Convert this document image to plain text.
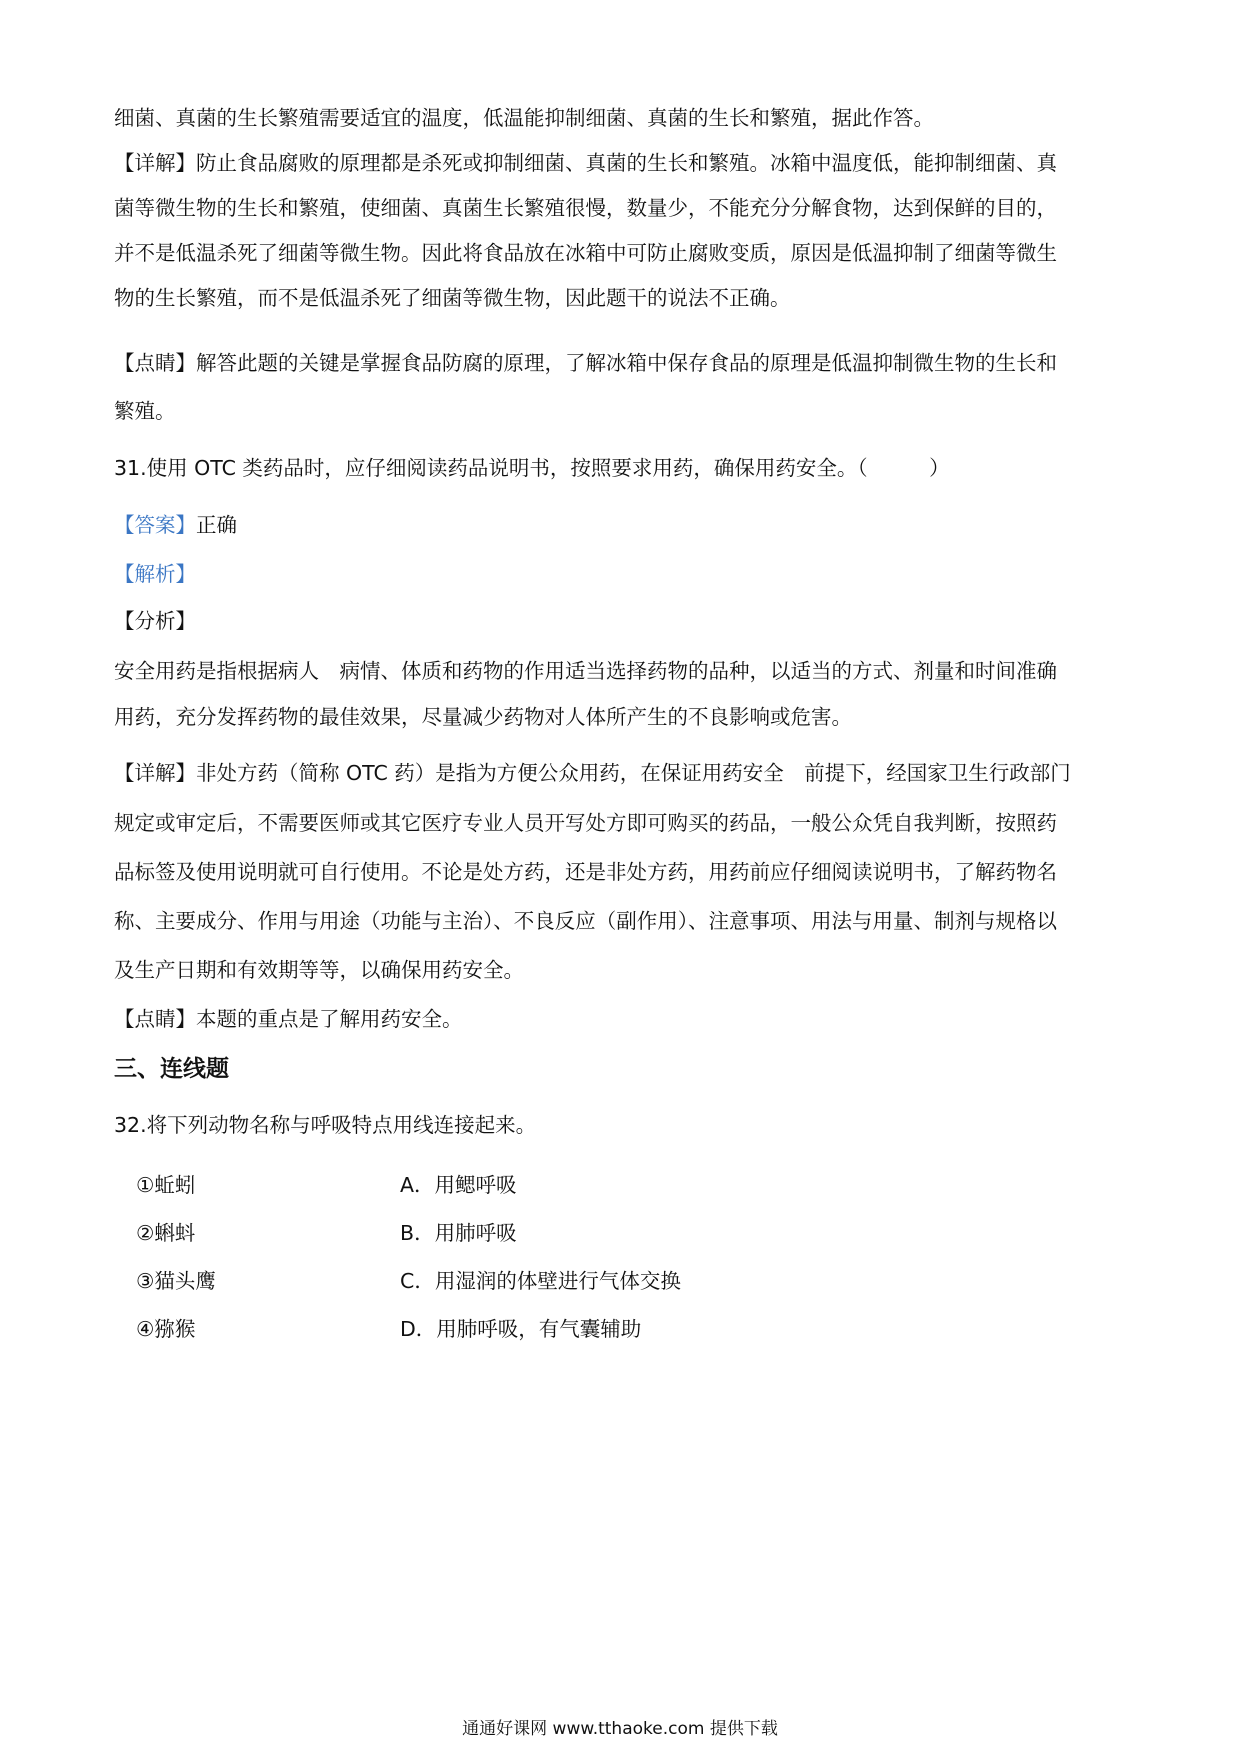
细菌、真菌的生长繁殖需要适宜的温度，低温能抑制细菌、真菌的生长和繁殖，据此作答。
【详解】防止食品腐败的原理都是杀死或抑制细菌、真菌的生长和繁殖。冰箱中温度低，能抑制细菌、真
菌等微生物的生长和繁殖，使细菌、真菌生长繁殖很慢，数量少，不能充分分解食物，达到保鲜的目的，
并不是低温杀死了细菌等微生物。因此将食品放在冰箱中可防止腐败变质，原因是低温抑制了细菌等微生
物的生长繁殖，而不是低温杀死了细菌等微生物，因此题干的说法不正确。
【点睛】解答此题的关键是掌握食品防腐的原理，了解冰箱中保存食品的原理是低温抑制微生物的生长和
繁殖。
31.使用 OTC 类药品时，应仔细阅读药品说明书，按照要求用药，确保用药安全。（　　　）
【答案】正确
【解析】
【分析】
安全用药是指根据病人　病情、体质和药物的作用适当选择药物的品种，以适当的方式、剂量和时间准确
用药，充分发挥药物的最佳效果，尽量减少药物对人体所产生的不良影响或危害。
【详解】非处方药（简称 OTC 药）是指为方便公众用药，在保证用药安全　前提下，经国家卫生行政部门
规定或审定后，不需要医师或其它医疗专业人员开写处方即可购买的药品，一般公众凭自我判断，按照药
品标签及使用说明就可自行使用。不论是处方药，还是非处方药，用药前应仔细阅读说明书，了解药物名
称、主要成分、作用与用途（功能与主治）、不良反应（副作用）、注意事项、用法与用量、制剂与规格以
及生产日期和有效期等等，以确保用药安全。
【点睛】本题的重点是了解用药安全。
三、连线题
32.将下列动物名称与呼吸特点用线连接起来。
①蚯蚓
②蝌蚪
③猫头鹰
④猕猴
A．用鳃呼吸
B．用肺呼吸
C．用湿润的体壁进行气体交换
D．用肺呼吸，有气囊辅助
通通好课网 www.tthaoke.com 提供下载
